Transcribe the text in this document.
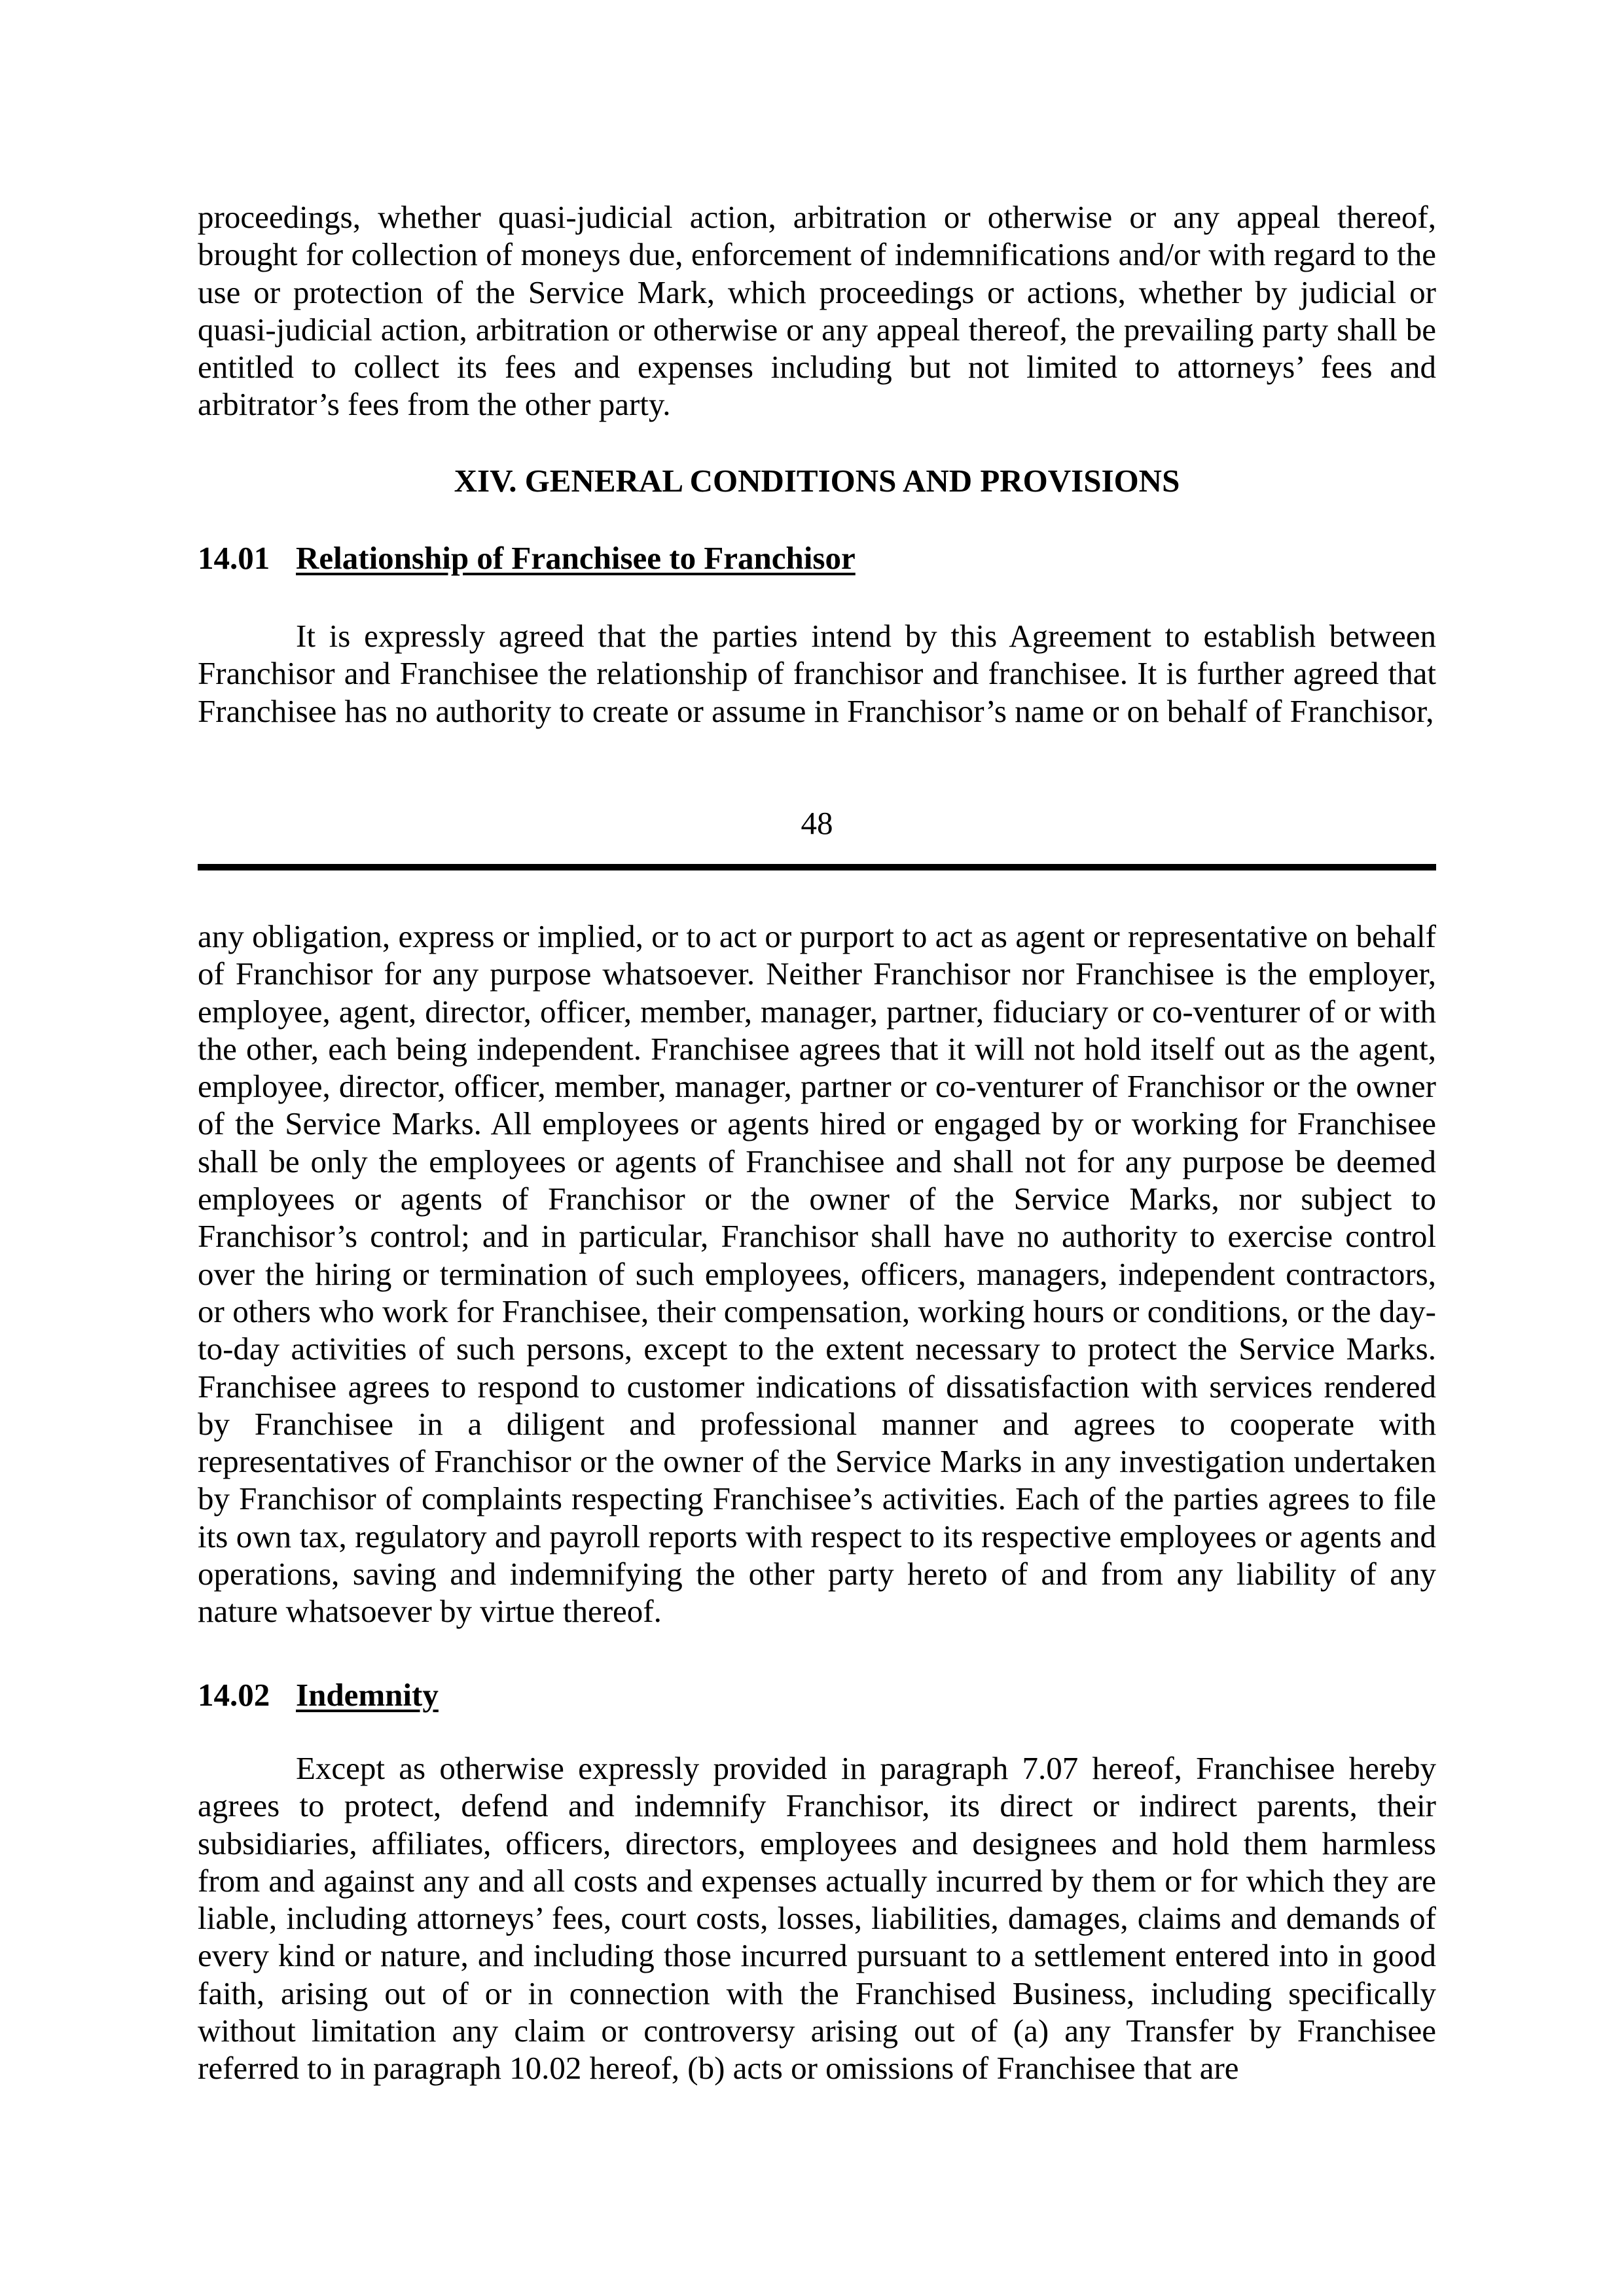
proceedings, whether quasi-judicial action, arbitration or otherwise or any appeal thereof, brought for collection of moneys due, enforcement of indemnifications and/or with regard to the use or protection of the Service Mark, which proceedings or actions, whether by judicial or quasi-judicial action, arbitration or otherwise or any appeal thereof, the prevailing party shall be entitled to collect its fees and expenses including but not limited to attorneys’ fees and arbitrator’s fees from the other party.

XIV. GENERAL CONDITIONS AND PROVISIONS

14.01 Relationship of Franchisee to Franchisor

It is expressly agreed that the parties intend by this Agreement to establish between Franchisor and Franchisee the relationship of franchisor and franchisee. It is further agreed that Franchisee has no authority to create or assume in Franchisor’s name or on behalf of Franchisor,

48

any obligation, express or implied, or to act or purport to act as agent or representative on behalf of Franchisor for any purpose whatsoever. Neither Franchisor nor Franchisee is the employer, employee, agent, director, officer, member, manager, partner, fiduciary or co-venturer of or with the other, each being independent. Franchisee agrees that it will not hold itself out as the agent, employee, director, officer, member, manager, partner or co-venturer of Franchisor or the owner of the Service Marks. All employees or agents hired or engaged by or working for Franchisee shall be only the employees or agents of Franchisee and shall not for any purpose be deemed employees or agents of Franchisor or the owner of the Service Marks, nor subject to Franchisor’s control; and in particular, Franchisor shall have no authority to exercise control over the hiring or termination of such employees, officers, managers, independent contractors, or others who work for Franchisee, their compensation, working hours or conditions, or the day-to-day activities of such persons, except to the extent necessary to protect the Service Marks. Franchisee agrees to respond to customer indications of dissatisfaction with services rendered by Franchisee in a diligent and professional manner and agrees to cooperate with representatives of Franchisor or the owner of the Service Marks in any investigation undertaken by Franchisor of complaints respecting Franchisee’s activities. Each of the parties agrees to file its own tax, regulatory and payroll reports with respect to its respective employees or agents and operations, saving and indemnifying the other party hereto of and from any liability of any nature whatsoever by virtue thereof.

14.02 Indemnity

Except as otherwise expressly provided in paragraph 7.07 hereof, Franchisee hereby agrees to protect, defend and indemnify Franchisor, its direct or indirect parents, their subsidiaries, affiliates, officers, directors, employees and designees and hold them harmless from and against any and all costs and expenses actually incurred by them or for which they are liable, including attorneys’ fees, court costs, losses, liabilities, damages, claims and demands of every kind or nature, and including those incurred pursuant to a settlement entered into in good faith, arising out of or in connection with the Franchised Business, including specifically without limitation any claim or controversy arising out of (a) any Transfer by Franchisee referred to in paragraph 10.02 hereof, (b) acts or omissions of Franchisee that are
